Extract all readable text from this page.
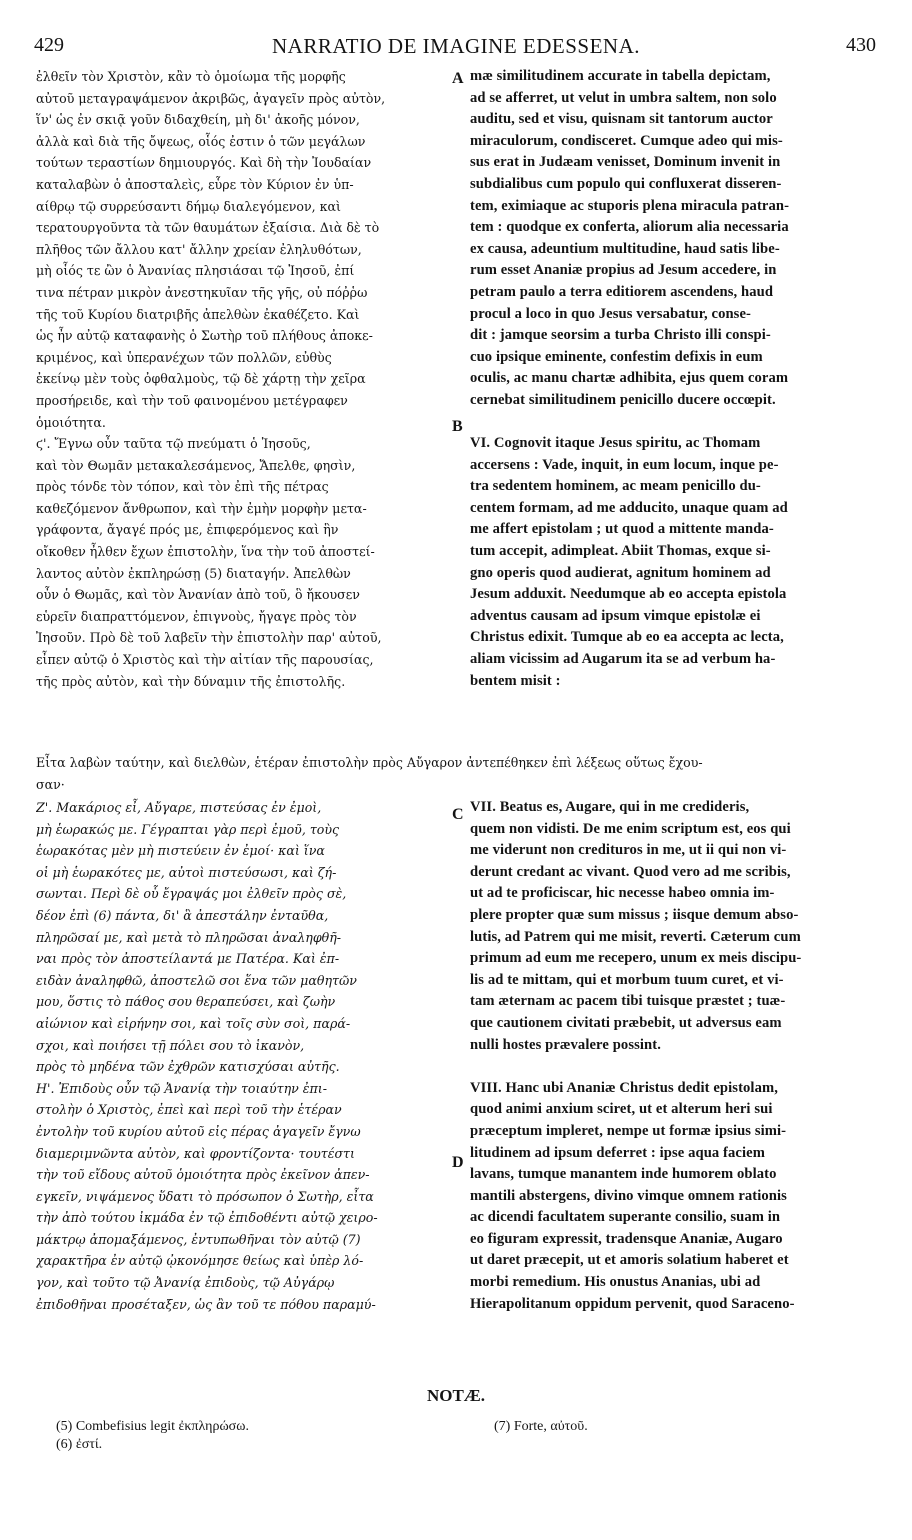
429	NARRATIO DE IMAGINE EDESSENA.	430
ἐλθεῖν τὸν Χριστὸν, κἂν τὸ ὁμοίωμα τῆς μορφῆς
αὐτοῦ μεταγραψάμενον ἀκριβῶς, ἀγαγεῖν πρὸς αὐτὸν,
ἵν' ὡς ἐν σκιᾷ γοῦν διδαχθείη, μὴ δι' ἀκοῆς μόνον,
ἀλλὰ καὶ διὰ τῆς ὄψεως, οἷός ἐστιν ὁ τῶν μεγάλων
τούτων τεραστίων δημιουργός. Καὶ δὴ τὴν Ἰουδαίαν
καταλαβὼν ὁ ἀποσταλεὶς, εὗρε τὸν Κύριον ἐν ὑπ-
αίθρῳ τῷ συρρεύσαντι δήμῳ διαλεγόμενον, καὶ
τερατουργοῦντα τὰ τῶν θαυμάτων ἐξαίσια. Διὰ δὲ τὸ
πλῆθος τῶν ἄλλου κατ' ἄλλην χρείαν ἐληλυθότων,
μὴ οἷός τε ὢν ὁ Ἀνανίας πλησιάσαι τῷ Ἰησοῦ, ἐπί
τινα πέτραν μικρὸν ἀνεστηκυῖαν τῆς γῆς, οὐ πόῤῥω
τῆς τοῦ Κυρίου διατριβῆς ἀπελθὼν ἐκαθέζετο. Καὶ
ὡς ἦν αὐτῷ καταφανὴς ὁ Σωτὴρ τοῦ πλήθους ἀποκε-
κριμένος, καὶ ὑπερανέχων τῶν πολλῶν, εὐθὺς
ἐκείνῳ μὲν τοὺς ὀφθαλμοὺς, τῷ δὲ χάρτῃ τὴν χεῖρα
προσήρειδε, καὶ τὴν τοῦ φαινομένου μετέγραφεν
ὁμοιότητα.
ϛ'. Ἔγνω οὖν ταῦτα τῷ πνεύματι ὁ Ἰησοῦς,
καὶ τὸν Θωμᾶν μετακαλεσάμενος, Ἄπελθε, φησὶν,
πρὸς τόνδε τὸν τόπον, καὶ τὸν ἐπὶ τῆς πέτρας
καθεζόμενον ἄνθρωπον, καὶ τὴν ἐμὴν μορφὴν μετα-
γράφοντα, ἄγαγέ πρός με, ἐπιφερόμενος καὶ ἣν
οἴκοθεν ἦλθεν ἔχων ἐπιστολὴν, ἵνα τὴν τοῦ ἀποστεί-
λαντος αὐτὸν ἐκπληρώσῃ (5) διαταγήν. Ἀπελθὼν
οὖν ὁ Θωμᾶς, καὶ τὸν Ἀνανίαν ἀπὸ τοῦ, ὃ ἤκουσεν
εὑρεῖν διαπραττόμενον, ἐπιγνοὺς, ἤγαγε πρὸς τὸν
Ἰησοῦν. Πρὸ δὲ τοῦ λαβεῖν τὴν ἐπιστολὴν παρ' αὐτοῦ,
εἶπεν αὐτῷ ὁ Χριστὸς καὶ τὴν αἰτίαν τῆς παρουσίας,
τῆς πρὸς αὐτὸν, καὶ τὴν δύναμιν τῆς ἐπιστολῆς.
mæ similitudinem accurate in tabella depictam,
ad se afferret, ut velut in umbra saltem, non solo
auditu, sed et visu, quisnam sit tantorum auctor
miraculorum, condisceret. Cumque adeo qui mis-
sus erat in Judæam venisset, Dominum invenit in
subdialibus cum populo qui confluxerat disseren-
tem, eximiaque ac stuporis plena miracula patran-
tem : quodque ex conferta, aliorum alia necessaria
ex causa, adeuntium multitudine, haud satis libe-
rum esset Ananiæ propius ad Jesum accedere, in
petram paulo a terra editiorem ascendens, haud
procul a loco in quo Jesus versabatur, conse-
dit : jamque seorsim a turba Christo illi conspi-
cuo ipsique eminente, confestim defixis in eum
oculis, ac manu chartæ adhibita, ejus quem coram
cernebat similitudinem penicillo ducere occœpit.
VI. Cognovit itaque Jesus spiritu, ac Thomam
accersens : Vade, inquit, in eum locum, inque pe-
tra sedentem hominem, ac meam penicillo du-
centem formam, ad me adducito, unaque quam ad
me affert epistolam ; ut quod a mittente manda-
tum accepit, adimpleat. Abiit Thomas, exque si-
gno operis quod audierat, agnitum hominem ad
Jesum adduxit. Needumque ab eo accepta epistola
adventus causam ad ipsum vimque epistolæ ei
Christus edixit. Tumque ab eo ea accepta ac lecta,
aliam vicissim ad Augarum ita se ad verbum ha-
bentem misit :
Εἶτα λαβὼν ταύτην, καὶ διελθὼν, ἑτέραν ἐπιστολὴν πρὸς Αὔγαρον ἀντεπέθηκεν ἐπὶ λέξεως οὕτως ἔχου-
σαν·
Ζ'. Μακάριος εἶ, Αὔγαρε, πιστεύσας ἐν ἐμοὶ,
μὴ ἑωρακώς με. Γέγραπται γὰρ περὶ ἐμοῦ, τοὺς
ἑωρακότας μὲν μὴ πιστεύειν ἐν ἐμοί· καὶ ἵνα
οἱ μὴ ἑωρακότες με, αὐτοὶ πιστεύσωσι, καὶ ζή-
σωνται. Περὶ δὲ οὗ ἔγραψάς μοι ἐλθεῖν πρὸς σὲ,
δέον ἐπὶ (6) πάντα, δι' ἃ ἀπεστάλην ἐνταῦθα,
πληρῶσαί με, καὶ μετὰ τὸ πληρῶσαι ἀναληφθῆ-
ναι πρὸς τὸν ἀποστείλαντά με Πατέρα. Καὶ ἐπ-
ειδὰν ἀναληφθῶ, ἀποστελῶ σοι ἕνα τῶν μαθητῶν
μου, ὅστις τὸ πάθος σου θεραπεύσει, καὶ ζωὴν
αἰώνιον καὶ εἰρήνην σοι, καὶ τοῖς σὺν σοὶ, παρά-
σχοι, καὶ ποιήσει τῇ πόλει σου τὸ ἱκανὸν,
πρὸς τὸ μηδένα τῶν ἐχθρῶν κατισχύσαι αὐτῆς.
Η'. Ἐπιδοὺς οὖν τῷ Ἀνανίᾳ τὴν τοιαύτην ἐπι-
στολὴν ὁ Χριστὸς, ἐπεὶ καὶ περὶ τοῦ τὴν ἑτέραν
ἐντολὴν τοῦ κυρίου αὐτοῦ εἰς πέρας ἀγαγεῖν ἔγνω
διαμεριμνῶντα αὐτὸν, καὶ φροντίζοντα· τουτέστι
τὴν τοῦ εἴδους αὐτοῦ ὁμοιότητα πρὸς ἐκεῖνον ἀπεν-
εγκεῖν, νιψάμενος ὕδατι τὸ πρόσωπον ὁ Σωτὴρ, εἶτα
τὴν ἀπὸ τούτου ἰκμάδα ἐν τῷ ἐπιδοθέντι αὐτῷ χειρο-
μάκτρῳ ἀπομαξάμενος, ἐντυπωθῆναι τὸν αὐτῷ (7)
χαρακτῆρα ἐν αὐτῷ ᾠκονόμησε θείως καὶ ὑπὲρ λό-
γον, καὶ τοῦτο τῷ Ἀνανίᾳ ἐπιδοὺς, τῷ Αὐγάρῳ
ἐπιδοθῆναι προσέταξεν, ὡς ἂν τοῦ τε πόθου παραμύ-
VII. Beatus es, Augare, qui in me credideris,
quem non vidisti. De me enim scriptum est, eos qui
me viderunt non credituros in me, ut ii qui non vi-
derunt credant ac vivant. Quod vero ad me scribis,
ut ad te proficiscar, hic necesse habeo omnia im-
plere propter quæ sum missus ; iisque demum abso-
lutis, ad Patrem qui me misit, reverti. Cæterum cum
primum ad eum me recepero, unum ex meis discipu-
lis ad te mittam, qui et morbum tuum curet, et vi-
tam æternam ac pacem tibi tuisque præstet ; tuæ-
que cautionem civitati præbebit, ut adversus eam
nulli hostes prævalere possint.
VIII. Hanc ubi Ananiæ Christus dedit epistolam,
quod animi anxium sciret, ut et alterum heri sui
præceptum impleret, nempe ut formæ ipsius simi-
litudinem ad ipsum deferret : ipse aqua faciem
lavans, tumque manantem inde humorem oblato
mantili abstergens, divino vimque omnem rationis
ac dicendi facultatem superante consilio, suam in
eo figuram expressit, tradensque Ananiæ, Augaro
ut daret præcepit, ut et amoris solatium haberet et
morbi remedium. His onustus Ananias, ubi ad
Hierapolitanum oppidum pervenit, quod Saraceno-
A
B
C
D
NOTÆ.
(5) Combefisius legit ἐκπληρώσω.
(6) ἐστί.
(7) Forte, αὐτοῦ.
